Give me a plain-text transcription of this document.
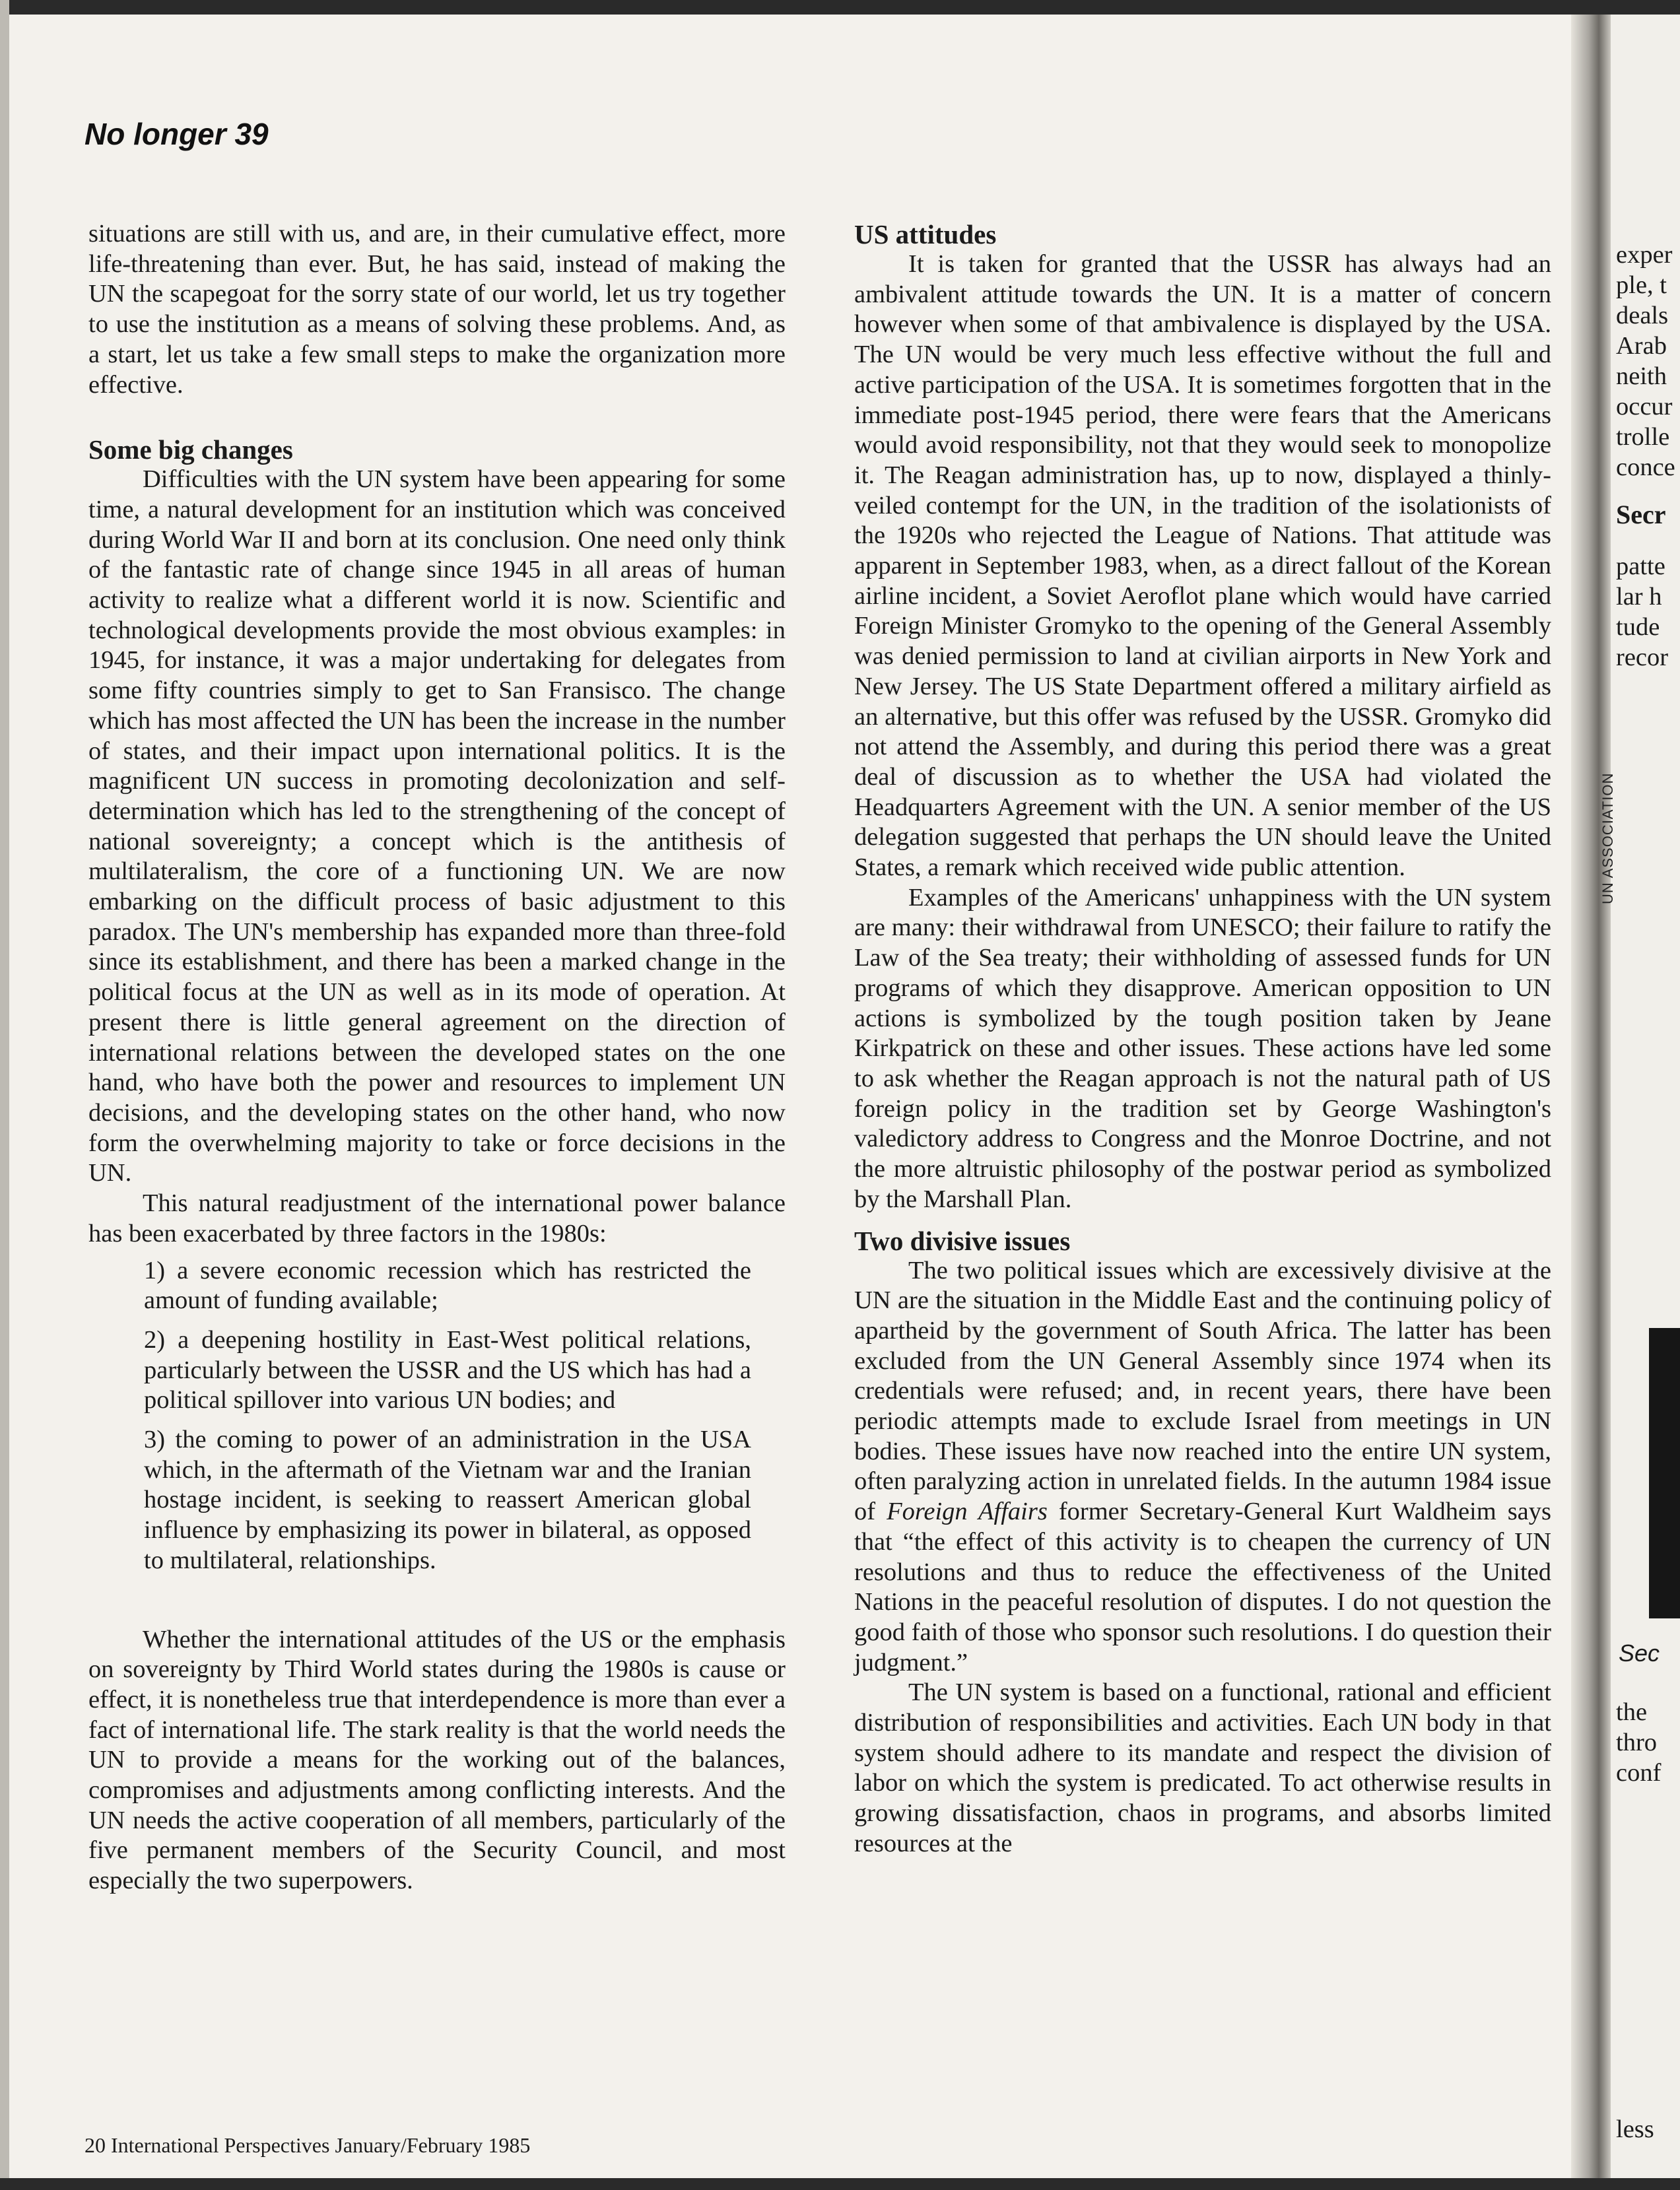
No longer 39

situations are still with us, and are, in their cumulative effect, more life-threatening than ever. But, he has said, instead of making the UN the scapegoat for the sorry state of our world, let us try together to use the institution as a means of solving these problems. And, as a start, let us take a few small steps to make the organization more effective.

Some big changes

Difficulties with the UN system have been appearing for some time, a natural development for an institution which was conceived during World War II and born at its conclusion. One need only think of the fantastic rate of change since 1945 in all areas of human activity to realize what a different world it is now. Scientific and technological developments provide the most obvious examples: in 1945, for instance, it was a major undertaking for delegates from some fifty countries simply to get to San Fransisco. The change which has most affected the UN has been the increase in the number of states, and their impact upon international politics. It is the magnificent UN success in promoting decolonization and self-determination which has led to the strengthening of the concept of national sovereignty; a concept which is the antithesis of multilateralism, the core of a functioning UN. We are now embarking on the difficult process of basic adjustment to this paradox. The UN's membership has expanded more than three-fold since its establishment, and there has been a marked change in the political focus at the UN as well as in its mode of operation. At present there is little general agreement on the direction of international relations between the developed states on the one hand, who have both the power and resources to implement UN decisions, and the developing states on the other hand, who now form the overwhelming majority to take or force decisions in the UN.

This natural readjustment of the international power balance has been exacerbated by three factors in the 1980s:

1) a severe economic recession which has restricted the amount of funding available;

2) a deepening hostility in East-West political relations, particularly between the USSR and the US which has had a political spillover into various UN bodies; and

3) the coming to power of an administration in the USA which, in the aftermath of the Vietnam war and the Iranian hostage incident, is seeking to reassert American global influence by emphasizing its power in bilateral, as opposed to multilateral, relationships.

Whether the international attitudes of the US or the emphasis on sovereignty by Third World states during the 1980s is cause or effect, it is nonetheless true that interdependence is more than ever a fact of international life. The stark reality is that the world needs the UN to provide a means for the working out of the balances, compromises and adjustments among conflicting interests. And the UN needs the active cooperation of all members, particularly of the five permanent members of the Security Council, and most especially the two superpowers.

US attitudes

It is taken for granted that the USSR has always had an ambivalent attitude towards the UN. It is a matter of concern however when some of that ambivalence is displayed by the USA. The UN would be very much less effective without the full and active participation of the USA. It is sometimes forgotten that in the immediate post-1945 period, there were fears that the Americans would avoid responsibility, not that they would seek to monopolize it. The Reagan administration has, up to now, displayed a thinly-veiled contempt for the UN, in the tradition of the isolationists of the 1920s who rejected the League of Nations. That attitude was apparent in September 1983, when, as a direct fallout of the Korean airline incident, a Soviet Aeroflot plane which would have carried Foreign Minister Gromyko to the opening of the General Assembly was denied permission to land at civilian airports in New York and New Jersey. The US State Department offered a military airfield as an alternative, but this offer was refused by the USSR. Gromyko did not attend the Assembly, and during this period there was a great deal of discussion as to whether the USA had violated the Headquarters Agreement with the UN. A senior member of the US delegation suggested that perhaps the UN should leave the United States, a remark which received wide public attention.

Examples of the Americans' unhappiness with the UN system are many: their withdrawal from UNESCO; their failure to ratify the Law of the Sea treaty; their withholding of assessed funds for UN programs of which they disapprove. American opposition to UN actions is symbolized by the tough position taken by Jeane Kirkpatrick on these and other issues. These actions have led some to ask whether the Reagan approach is not the natural path of US foreign policy in the tradition set by George Washington's valedictory address to Congress and the Monroe Doctrine, and not the more altruistic philosophy of the postwar period as symbolized by the Marshall Plan.

Two divisive issues

The two political issues which are excessively divisive at the UN are the situation in the Middle East and the continuing policy of apartheid by the government of South Africa. The latter has been excluded from the UN General Assembly since 1974 when its credentials were refused; and, in recent years, there have been periodic attempts made to exclude Israel from meetings in UN bodies. These issues have now reached into the entire UN system, often paralyzing action in unrelated fields. In the autumn 1984 issue of Foreign Affairs former Secretary-General Kurt Waldheim says that “the effect of this activity is to cheapen the currency of UN resolutions and thus to reduce the effectiveness of the United Nations in the peaceful resolution of disputes. I do not question the good faith of those who sponsor such resolutions. I do question their judgment.”

The UN system is based on a functional, rational and efficient distribution of responsibilities and activities. Each UN body in that system should adhere to its mandate and respect the division of labor on which the system is predicated. To act otherwise results in growing dissatisfaction, chaos in programs, and absorbs limited resources at the

exper
ple, t
deals
Arab
neith
occur
trolle
conce
Secr
patte
lar h
tude
recor
Sec
the
thro
conf
less
UN ASSOCIATION

20 International Perspectives January/February 1985
